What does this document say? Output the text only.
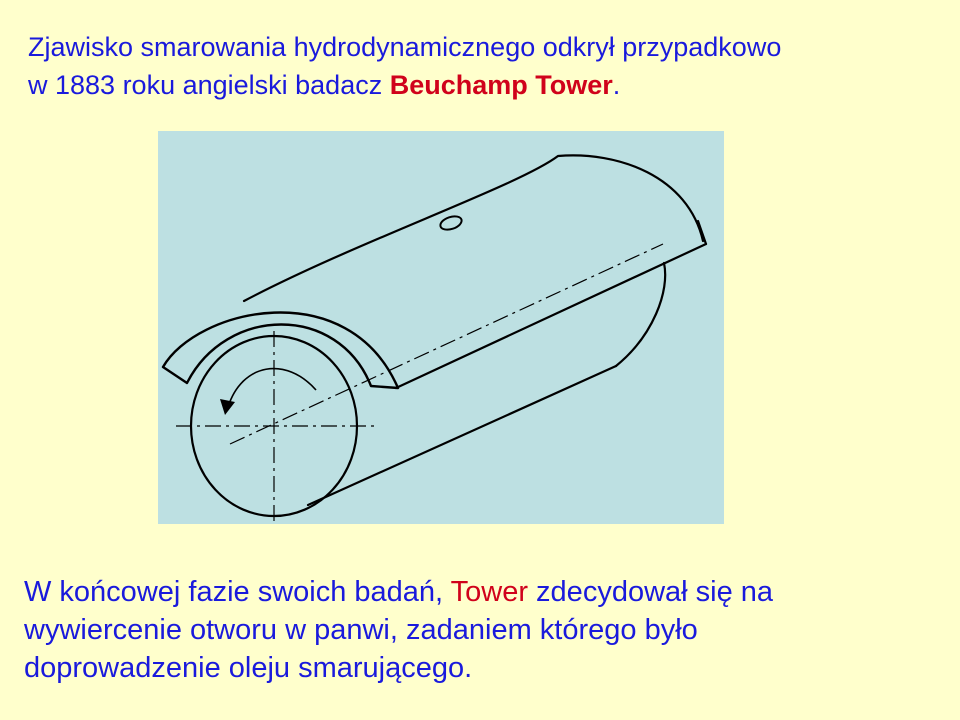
Zjawisko smarowania hydrodynamicznego odkrył przypadkowo
w 1883 roku angielski badacz Beuchamp Tower.
W końcowej fazie swoich badań, Tower zdecydował się na
wywiercenie otworu w panwi, zadaniem którego było
doprowadzenie oleju smarującego.
